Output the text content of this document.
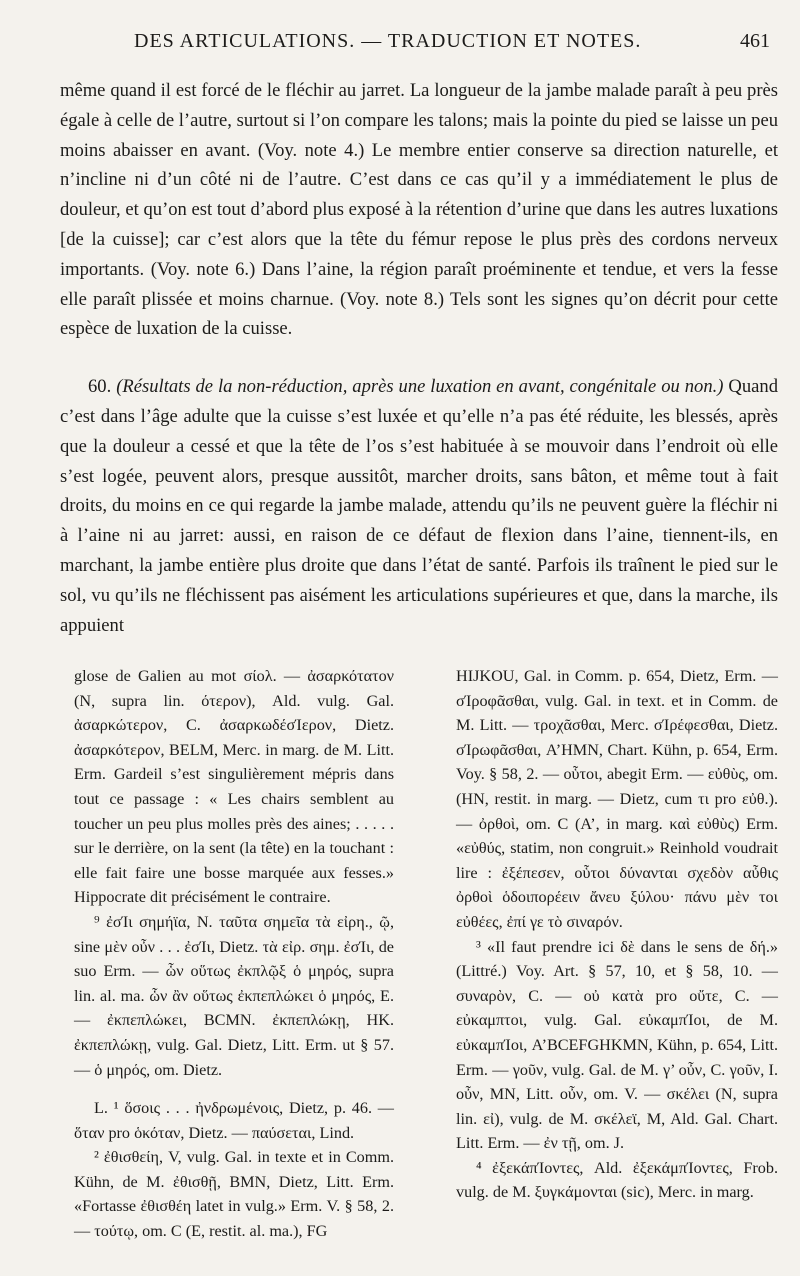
DES ARTICULATIONS. — TRADUCTION ET NOTES.	461

même quand il est forcé de le fléchir au jarret. La longueur de la jambe malade paraît à peu près égale à celle de l’autre, surtout si l’on compare les talons; mais la pointe du pied se laisse un peu moins abaisser en avant. (Voy. note 4.) Le membre entier conserve sa direction naturelle, et n’incline ni d’un côté ni de l’autre. C’est dans ce cas qu’il y a immédiatement le plus de douleur, et qu’on est tout d’abord plus exposé à la rétention d’urine que dans les autres luxations [de la cuisse]; car c’est alors que la tête du fémur repose le plus près des cordons nerveux importants. (Voy. note 6.) Dans l’aine, la région paraît proéminente et tendue, et vers la fesse elle paraît plissée et moins charnue. (Voy. note 8.) Tels sont les signes qu’on décrit pour cette espèce de luxation de la cuisse.

60. (Résultats de la non-réduction, après une luxation en avant, congénitale ou non.) Quand c’est dans l’âge adulte que la cuisse s’est luxée et qu’elle n’a pas été réduite, les blessés, après que la douleur a cessé et que la tête de l’os s’est habituée à se mouvoir dans l’endroit où elle s’est logée, peuvent alors, presque aussitôt, marcher droits, sans bâton, et même tout à fait droits, du moins en ce qui regarde la jambe malade, attendu qu’ils ne peuvent guère la fléchir ni à l’aine ni au jarret: aussi, en raison de ce défaut de flexion dans l’aine, tiennent-ils, en marchant, la jambe entière plus droite que dans l’état de santé. Parfois ils traînent le pied sur le sol, vu qu’ils ne fléchissent pas aisément les articulations supérieures et que, dans la marche, ils appuient

glose de Galien au mot σίολ. — ἀσαρκότατον (N, supra lin. ότερον), Ald. vulg. Gal. ἀσαρκώτερον, C. ἀσαρκωδέσΊερον, Dietz. ἀσαρκότερον, BELM, Merc. in marg. de M. Litt. Erm. Gardeil s’est singulièrement mépris dans tout ce passage : « Les chairs semblent au toucher un peu plus molles près des aines; . . . . . sur le derrière, on la sent (la tête) en la touchant : elle fait faire une bosse marquée aux fesses.» Hippocrate dit précisément le contraire.

⁹ ἐσΊι σημήϊα, N. ταῦτα σημεῖα τὰ εἰρη., ῷ, sine μὲν οὖν . . . ἐσΊι, Dietz. τὰ εἰρ. σημ. ἐσΊι, de suo Erm. — ὧν οὕτως ἐκπλῷξ ὁ μηρός, supra lin. al. ma. ὧν ἂν οὕτως ἐκπεπλώκει ὁ μηρός, E. — ἐκπεπλώκει, BCMN. ἐκπεπλώκῃ, HK. ἐκπεπλώκῃ, vulg. Gal. Dietz, Litt. Erm. ut § 57. — ὁ μηρός, om. Dietz.

L. ¹ ὅσοις . . . ἠνδρωμένοις, Dietz, p. 46. — ὅταν pro ὁκόταν, Dietz. — παύσεται, Lind.

² ἐθισθείη, V, vulg. Gal. in texte et in Comm. Kühn, de M. ἐθισθῇ, BMN, Dietz, Litt. Erm. «Fortasse ἐθισθέη latet in vulg.» Erm. V. § 58, 2. — τούτῳ, om. C (E, restit. al. ma.), FG

HIJKOU, Gal. in Comm. p. 654, Dietz, Erm. — σΊροφᾶσθαι, vulg. Gal. in text. et in Comm. de M. Litt. — τροχᾶσθαι, Merc. σΊρέφεσθαι, Dietz. σΊρωφᾶσθαι, A’HMN, Chart. Kühn, p. 654, Erm. Voy. § 58, 2. — οὗτοι, abegit Erm. — εὐθὺς, om. (HN, restit. in marg. — Dietz, cum τι pro εὐθ.). — ὀρθοὶ, om. C (A’, in marg. καὶ εὐθὺς) Erm. «εὐθύς, statim, non congruit.» Reinhold voudrait lire : ἐξέπεσεν, οὗτοι δύνανται σχεδὸν αὖθις ὀρθοὶ ὁδοιπορέειν ἄνευ ξύλου· πάνυ μὲν τοι εὐθέες, ἐπί γε τὸ σιναρόν.

³ «Il faut prendre ici δὲ dans le sens de δή.» (Littré.) Voy. Art. § 57, 10, et § 58, 10. — συναρὸν, C. — οὐ κατὰ pro οὔτε, C. — εὐκαμπτοι, vulg. Gal. εὐκαμπΊοι, de M. εὐκαμπΊοι, A’BCEFGHKMN, Kühn, p. 654, Litt. Erm. — γοῦν, vulg. Gal. de M. γ’ οὖν, C. γοῦν, I. οὖν, MN, Litt. οὖν, om. V. — σκέλει (N, supra lin. εἰ), vulg. de M. σκέλεϊ, M, Ald. Gal. Chart. Litt. Erm. — ἐν τῇ, om. J.

⁴ ἐξεκάπΊοντες, Ald. ἐξεκάμπΊοντες, Frob. vulg. de M. ξυγκάμονται (sic), Merc. in marg.
